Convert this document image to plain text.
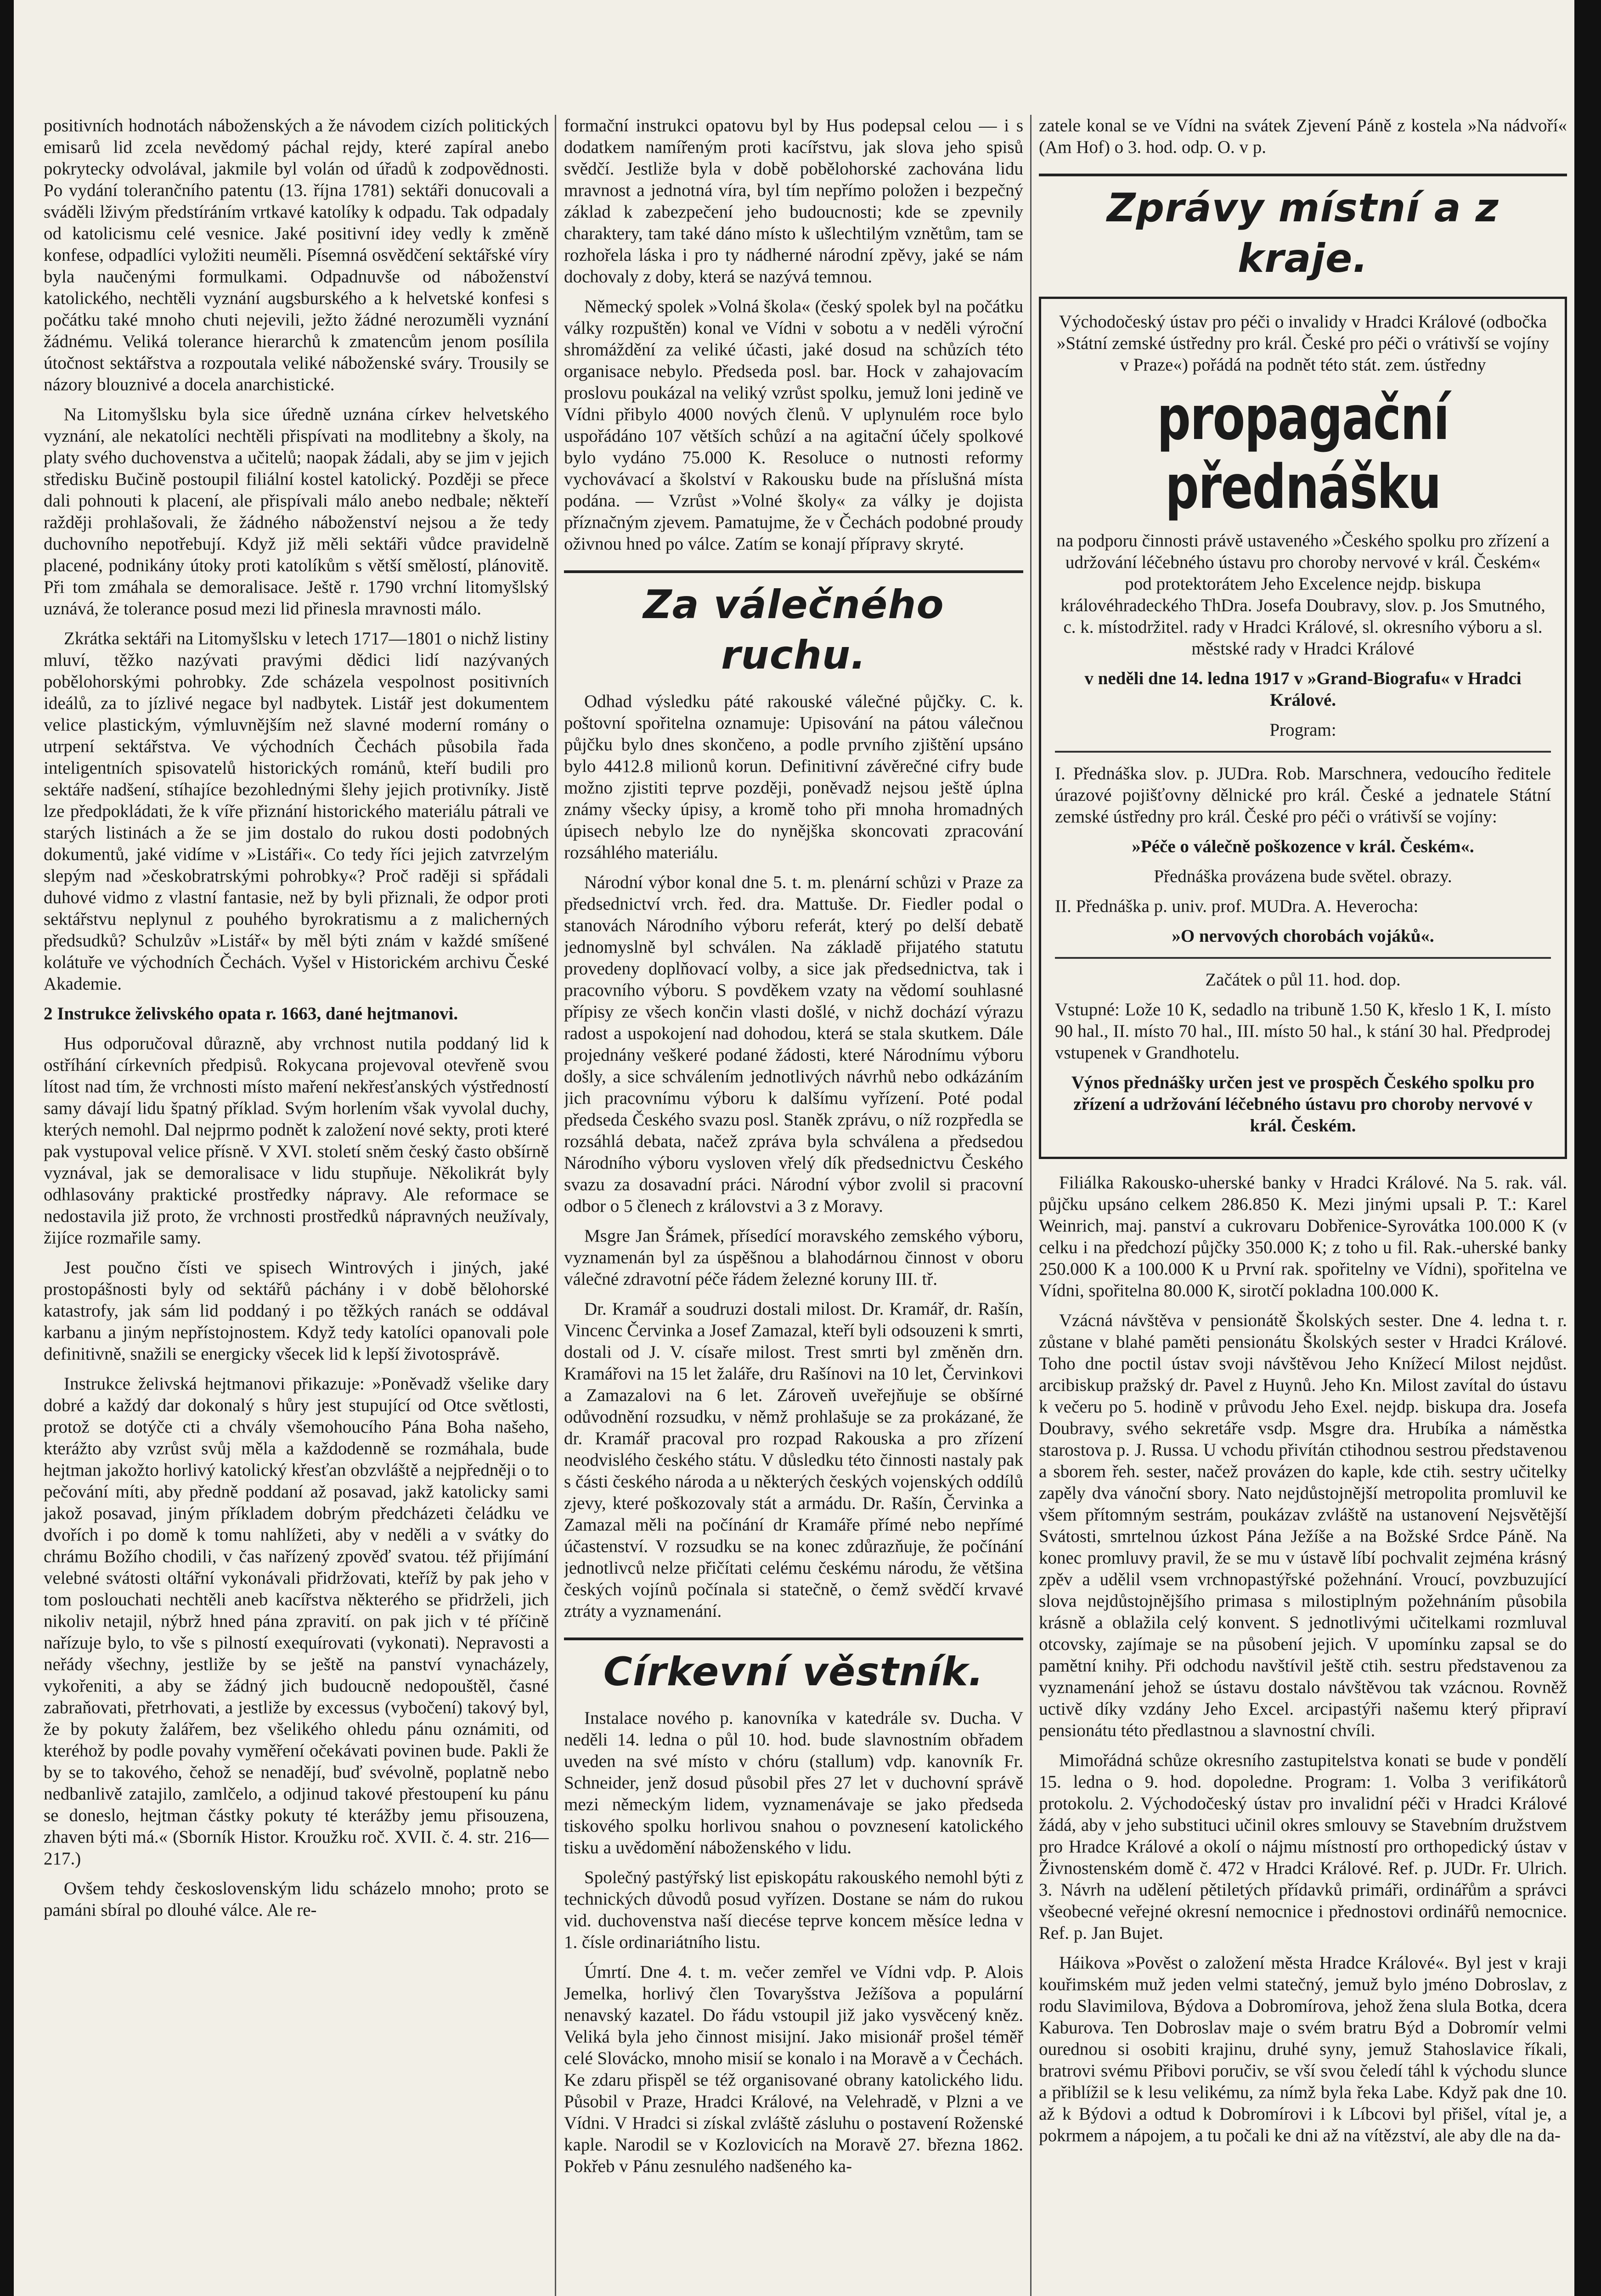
positivních hodnotách náboženských a že návodem cizích politických emisarů lid zcela nevědomý páchal rejdy, které zapíral anebo pokrytecky odvolával, jakmile byl volán od úřadů k zodpovědnosti. Po vydání tolerančního patentu (13. října 1781) sektáři donucovali a sváděli lživým předstíráním vrtkavé katolíky k odpadu. Tak odpadaly od katolicismu celé vesnice. Jaké positivní idey vedly k změně konfese, odpadlíci vyložiti neuměli. Písemná osvědčení sektářské víry byla naučenými formulkami. Odpadnuvše od náboženství katolického, nechtěli vyznání augsburského a k helvetské konfesi s počátku také mnoho chuti nejevili, ježto žádné nerozuměli vyznání žádnému. Veliká tolerance hierarchů k zmatencům jenom posílila útočnost sektářstva a rozpoutala veliké náboženské sváry. Trousily se názory blouznivé a docela anarchistické.

Na Litomyšlsku byla sice úředně uznána církev helvetského vyznání, ale nekatolíci nechtěli přispívati na modlitebny a školy, na platy svého duchovenstva a učitelů; naopak žádali, aby se jim v jejich středisku Bučině postoupil filiální kostel katolický. Později se přece dali pohnouti k placení, ale přispívali málo anebo nedbale; někteří ražději prohlašovali, že žádného náboženství nejsou a že tedy duchovního nepotřebují. Když již měli sektáři vůdce pravidelně placené, podnikány útoky proti katolíkům s větší smělostí, plánovitě. Při tom zmáhala se demoralisace. Ještě r. 1790 vrchní litomyšlský uznává, že tolerance posud mezi lid přinesla mravnosti málo.

Zkrátka sektáři na Litomyšlsku v letech 1717—1801 o nichž listiny mluví, těžko nazývati pravými dědici lidí nazývaných pobělohorskými pohrobky. Zde scházela vespolnost positivních ideálů, za to jízlivé negace byl nadbytek. Listář jest dokumentem velice plastickým, výmluvnějším než slavné moderní romány o utrpení sektářstva. Ve východních Čechách působila řada inteligentních spisovatelů historických románů, kteří budili pro sektáře nadšení, stíhajíce bezohlednými šlehy jejich protivníky. Jistě lze předpokládati, že k víře přiznání historického materiálu pátrali ve starých listinách a že se jim dostalo do rukou dosti podobných dokumentů, jaké vidíme v »Listáři«. Co tedy říci jejich zatvrzelým slepým nad »českobratrskými pohrobky«? Proč raději si spřádali duhové vidmo z vlastní fantasie, než by byli přiznali, že odpor proti sektářstvu neplynul z pouhého byrokratismu a z malicherných předsudků? Schulzův »Listář« by měl býti znám v každé smíšené kolátuře ve východních Čechách. Vyšel v Historickém archivu České Akademie.

2 Instrukce želivského opata r. 1663, dané hejtmanovi.

Hus odporučoval důrazně, aby vrchnost nutila poddaný lid k ostříhání církevních předpisů. Rokycana projevoval otevřeně svou lítost nad tím, že vrchnosti místo maření nekřesťanských výstředností samy dávají lidu špatný příklad. Svým horlením však vyvolal duchy, kterých nemohl. Dal nejprmo podnět k založení nové sekty, proti které pak vystupoval velice přísně. V XVI. století sněm český často obšírně vyznával, jak se demoralisace v lidu stupňuje. Několikrát byly odhlasovány praktické prostředky nápravy. Ale reformace se nedostavila již proto, že vrchnosti prostředků nápravných neužívaly, žijíce rozmařile samy.

Jest poučno čísti ve spisech Wintrových i jiných, jaké prostopášnosti byly od sektářů páchány i v době bělohorské katastrofy, jak sám lid poddaný i po těžkých ranách se oddával karbanu a jiným nepřístojnostem. Když tedy katolíci opanovali pole definitivně, snažili se energicky všecek lid k lepší životosprávě.

Instrukce želivská hejtmanovi přikazuje: »Poněvadž všelike dary dobré a každý dar dokonalý s hůry jest stupující od Otce světlosti, protož se dotýče cti a chvály všemohoucího Pána Boha našeho, kterážto aby vzrůst svůj měla a každodenně se rozmáhala, bude hejtman jakožto horlivý katolický křesťan obzvláště a nejpředněji o to pečování míti, aby předně poddaní až posavad, jakž katolicky sami jakož posavad, jiným příkladem dobrým předcházeti čeládku ve dvořích i po domě k tomu nahlížeti, aby v neděli a v svátky do chrámu Božího chodili, v čas nařízený zpověď svatou. též přijímání velebné svátosti oltářní vykonávali přidržovati, kteříž by pak jeho v tom poslouchati nechtěli aneb kacířstva některého se přidrželi, jich nikoliv netajil, nýbrž hned pána zpravití. on pak jich v té příčině nařízuje bylo, to vše s pilností exequírovati (vykonati). Nepravosti a neřády všechny, jestliže by se ještě na panství vynacházely, vykořeniti, a aby se žádný jich budoucně nedopouštěl, časné zabraňovati, přetrhovati, a jestliže by excessus (vybočení) takový byl, že by pokuty žalářem, bez všelikého ohledu pánu oznámiti, od kteréhož by podle povahy vyměření očekávati povinen bude. Pakli že by se to takového, čehož se nenadějí, buď svévolně, poplatně nebo nedbanlivě zatajilo, zamlčelo, a odjinud takové přestoupení ku pánu se doneslo, hejtman částky pokuty té kterážby jemu přisouzena, zhaven býti má.« (Sborník Histor. Kroužku roč. XVII. č. 4. str. 216—217.)

Ovšem tehdy československým lidu scházelo mnoho; proto se pamáni sbíral po dlouhé válce. Ale re-

formační instrukci opatovu byl by Hus podepsal celou — i s dodatkem namířeným proti kacířstvu, jak slova jeho spisů svědčí. Jestliže byla v době pobělohorské zachována lidu mravnost a jednotná víra, byl tím nepřímo položen i bezpečný základ k zabezpečení jeho budoucnosti; kde se zpevnily charaktery, tam také dáno místo k ušlechtilým vznětům, tam se rozhořela láska i pro ty nádherné národní zpěvy, jaké se nám dochovaly z doby, která se nazývá temnou.

Německý spolek »Volná škola« (český spolek byl na počátku války rozpuštěn) konal ve Vídni v sobotu a v neděli výroční shromáždění za veliké účasti, jaké dosud na schůzích této organisace nebylo. Předseda posl. bar. Hock v zahajovacím proslovu poukázal na veliký vzrůst spolku, jemuž loni jedině ve Vídni přibylo 4000 nových členů. V uplynulém roce bylo uspořádáno 107 větších schůzí a na agitační účely spolkové bylo vydáno 75.000 K. Resoluce o nutnosti reformy vychovávací a školství v Rakousku bude na příslušná místa podána. — Vzrůst »Volné školy« za války je dojista příznačným zjevem. Pamatujme, že v Čechách podobné proudy oživnou hned po válce. Zatím se konají přípravy skryté.

Za válečného ruchu.

Odhad výsledku páté rakouské válečné půjčky. C. k. poštovní spořitelna oznamuje: Upisování na pátou válečnou půjčku bylo dnes skončeno, a podle prvního zjištění upsáno bylo 4412.8 milionů korun. Definitivní závěrečné cifry bude možno zjistiti teprve později, poněvadž nejsou ještě úplna známy všecky úpisy, a kromě toho při mnoha hromadných úpisech nebylo lze do nynějška skoncovati zpracování rozsáhlého materiálu.

Národní výbor konal dne 5. t. m. plenární schůzi v Praze za předsednictví vrch. řed. dra. Mattuše. Dr. Fiedler podal o stanovách Národního výboru referát, který po delší debatě jednomyslně byl schválen. Na základě přijatého statutu provedeny doplňovací volby, a sice jak předsednictva, tak i pracovního výboru. S povděkem vzaty na vědomí souhlasné přípisy ze všech končin vlasti došlé, v nichž dochází výrazu radost a uspokojení nad dohodou, která se stala skutkem. Dále projednány veškeré podané žádosti, které Národnímu výboru došly, a sice schválením jednotlivých návrhů nebo odkázáním jich pracovnímu výboru k dalšímu vyřízení. Poté podal předseda Českého svazu posl. Staněk zprávu, o níž rozpředla se rozsáhlá debata, načež zpráva byla schválena a předsedou Národního výboru vysloven vřelý dík předsednictvu Českého svazu za dosavadní práci. Národní výbor zvolil si pracovní odbor o 5 členech z královstvi a 3 z Moravy.

Msgre Jan Šrámek, přísedící moravského zemského výboru, vyznamenán byl za úspěšnou a blahodárnou činnost v oboru válečné zdravotní péče řádem železné koruny III. tř.

Dr. Kramář a soudruzi dostali milost. Dr. Kramář, dr. Rašín, Vincenc Červinka a Josef Zamazal, kteří byli odsouzeni k smrti, dostali od J. V. císaře milost. Trest smrti byl změněn drn. Kramářovi na 15 let žaláře, dru Rašínovi na 10 let, Červinkovi a Zamazalovi na 6 let. Zároveň uveřejňuje se obšírné odůvodnění rozsudku, v němž prohlašuje se za prokázané, že dr. Kramář pracoval pro rozpad Rakouska a pro zřízení neodvislého českého státu. V důsledku této činnosti nastaly pak s části českého národa a u některých českých vojenských oddílů zjevy, které poškozovaly stát a armádu. Dr. Rašín, Červinka a Zamazal měli na počínání dr Kramáře přímé nebo nepřímé účastenství. V rozsudku se na konec zdůrazňuje, že počínání jednotlivců nelze přičítati celému českému národu, že většina českých vojínů počínala si statečně, o čemž svědčí krvavé ztráty a vyznamenání.

Církevní věstník.

Instalace nového p. kanovníka v katedrále sv. Ducha. V neděli 14. ledna o půl 10. hod. bude slavnostním obřadem uveden na své místo v chóru (stallum) vdp. kanovník Fr. Schneider, jenž dosud působil přes 27 let v duchovní správě mezi německým lidem, vyznamenávaje se jako předseda tiskového spolku horlivou snahou o povznesení katolického tisku a uvědomění náboženského v lidu.

Společný pastýřský list episkopátu rakouského nemohl býti z technických důvodů posud vyřízen. Dostane se nám do rukou vid. duchovenstva naší diecése teprve koncem měsíce ledna v 1. čísle ordinariátního listu.

Úmrtí. Dne 4. t. m. večer zemřel ve Vídni vdp. P. Alois Jemelka, horlivý člen Tovaryšstva Ježíšova a populární nenavský kazatel. Do řádu vstoupil již jako vysvěcený kněz. Veliká byla jeho činnost misijní. Jako misionář prošel téměř celé Slovácko, mnoho misií se konalo i na Moravě a v Čechách. Ke zdaru přispěl se též organisované obrany katolického lidu. Působil v Praze, Hradci Králové, na Velehradě, v Plzni a ve Vídni. V Hradci si získal zvláště zásluhu o postavení Roženské kaple. Narodil se v Kozlovicích na Moravě 27. března 1862. Pokřeb v Pánu zesnulého nadšeného ka-

zatele konal se ve Vídni na svátek Zjevení Páně z kostela »Na nádvoří« (Am Hof) o 3. hod. odp. O. v p.

Zprávy místní a z kraje.

Východočeský ústav pro péči o invalidy v Hradci Králové (odbočka »Státní zemské ústředny pro král. České pro péči o vrátivší se vojíny v Praze«) pořádá na podnět této stát. zem. ústředny

propagační přednášku

na podporu činnosti právě ustaveného »Českého spolku pro zřízení a udržování léčebného ústavu pro choroby nervové v král. Českém« pod protektorátem Jeho Excelence nejdp. biskupa královéhradeckého ThDra. Josefa Doubravy, slov. p. Jos Smutného, c. k. místodržitel. rady v Hradci Králové, sl. okresního výboru a sl. městské rady v Hradci Králové

v neděli dne 14. ledna 1917 v »Grand-Biografu« v Hradci Králové.

Program:

I. Přednáška slov. p. JUDra. Rob. Marschnera, vedoucího ředitele úrazové pojišťovny dělnické pro král. České a jednatele Státní zemské ústředny pro král. České pro péči o vrátivší se vojíny:

»Péče o válečně poškozence v král. Českém«.

Přednáška provázena bude světel. obrazy.

II. Přednáška p. univ. prof. MUDra. A. Heverocha:

»O nervových chorobách vojáků«.

Začátek o půl 11. hod. dop.

Vstupné: Lože 10 K, sedadlo na tribuně 1.50 K, křeslo 1 K, I. místo 90 hal., II. místo 70 hal., III. místo 50 hal., k stání 30 hal. Předprodej vstupenek v Grandhotelu.

Výnos přednášky určen jest ve prospěch Českého spolku pro zřízení a udržování léčebného ústavu pro choroby nervové v král. Českém.

Filiálka Rakousko-uherské banky v Hradci Králové. Na 5. rak. vál. půjčku upsáno celkem 286.850 K. Mezi jinými upsali P. T.: Karel Weinrich, maj. panství a cukrovaru Dobřenice-Syrovátka 100.000 K (v celku i na předchozí půjčky 350.000 K; z toho u fil. Rak.-uherské banky 250.000 K a 100.000 K u První rak. spořitelny ve Vídni), spořitelna ve Vídni, spořitelna 80.000 K, sirotčí pokladna 100.000 K.

Vzácná návštěva v pensionátě Školských sester. Dne 4. ledna t. r. zůstane v blahé paměti pensionátu Školských sester v Hradci Králové. Toho dne poctil ústav svoji návštěvou Jeho Knížecí Milost nejdůst. arcibiskup pražský dr. Pavel z Huynů. Jeho Kn. Milost zavítal do ústavu k večeru po 5. hodině v průvodu Jeho Exel. nejdp. biskupa dra. Josefa Doubravy, svého sekretáře vsdp. Msgre dra. Hrubíka a náměstka starostova p. J. Russa. U vchodu přivítán ctihodnou sestrou představenou a sborem řeh. sester, načež provázen do kaple, kde ctih. sestry učitelky zapěly dva vánoční sbory. Nato nejdůstojnější metropolita promluvil ke všem přítomným sestrám, poukázav zvláště na ustanovení Nejsvětější Svátosti, smrtelnou úzkost Pána Ježíše a na Božské Srdce Páně. Na konec promluvy pravil, že se mu v ústavě líbí pochvalit zejména krásný zpěv a udělil vsem vrchnopastýřské požehnání. Vroucí, povzbuzující slova nejdůstojnějšího primasa s milostiplným požehnáním působila krásně a oblažila celý konvent. S jednotlivými učitelkami rozmluval otcovsky, zajímaje se na působení jejich. V upomínku zapsal se do pamětní knihy. Při odchodu navštívil ještě ctih. sestru představenou za vyznamenání jehož se ústavu dostalo návštěvou tak vzácnou. Rovněž uctivě díky vzdány Jeho Excel. arcipastýři našemu který připraví pensionátu této předlastnou a slavnostní chvíli.

Mimořádná schůze okresního zastupitelstva konati se bude v pondělí 15. ledna o 9. hod. dopoledne. Program: 1. Volba 3 verifikátorů protokolu. 2. Východočeský ústav pro invalidní péči v Hradci Králové žádá, aby v jeho substituci učinil okres smlouvy se Stavebním družstvem pro Hradce Králové a okolí o nájmu místností pro orthopedický ústav v Živnostenském domě č. 472 v Hradci Králové. Ref. p. JUDr. Fr. Ulrich. 3. Návrh na udělení pětiletých přídavků primáři, ordinářům a správci všeobecné veřejné okresní nemocnice i přednostovi ordinářů nemocnice. Ref. p. Jan Bujet.

Háikova »Pověst o založení města Hradce Králové«. Byl jest v kraji kouřimském muž jeden velmi statečný, jemuž bylo jméno Dobroslav, z rodu Slavimilova, Býdova a Dobromírova, jehož žena slula Botka, dcera Kaburova. Ten Dobroslav maje o svém bratru Býd a Dobromír velmi ourednou si osobiti krajinu, druhé syny, jemuž Stahoslavice říkali, bratrovi svému Přibovi poručiv, se vší svou čeledí táhl k východu slunce a přiblížil se k lesu velikému, za nímž byla řeka Labe. Když pak dne 10. až k Býdovi a odtud k Dobromírovi i k Líbcovi byl přišel, vítal je, a pokrmem a nápojem, a tu počali ke dni až na vítězství, ale aby dle na da-
